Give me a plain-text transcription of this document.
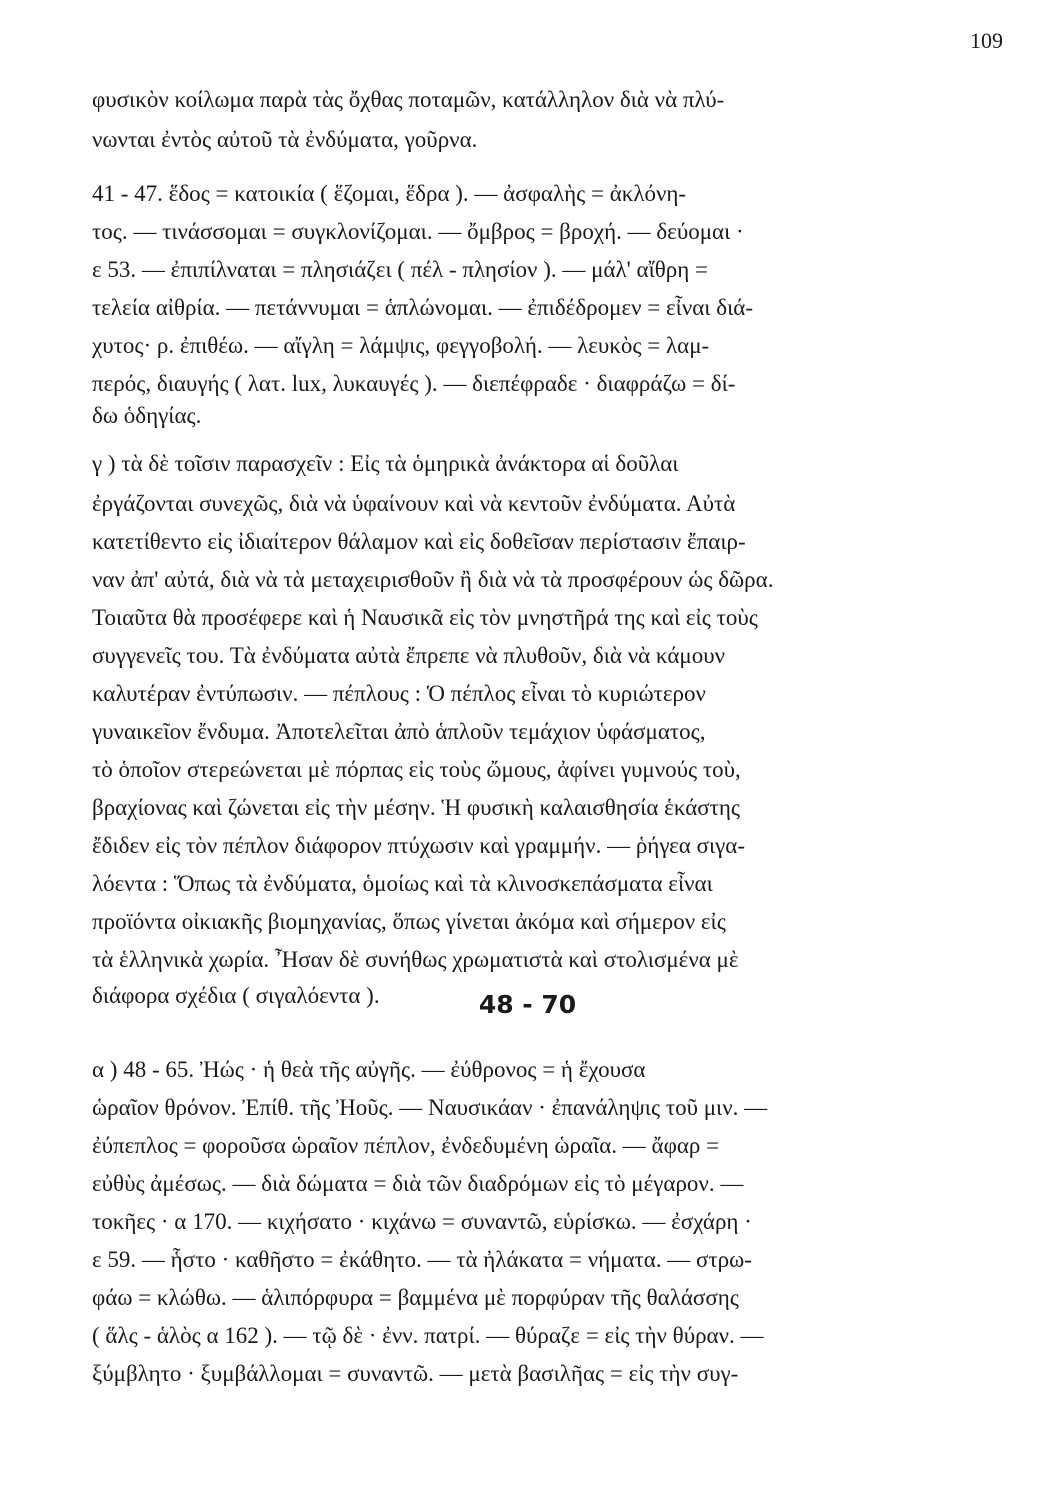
109
φυσικὸν κοίλωμα παρὰ τὰς ὄχθας ποταμῶν, κατάλληλον διὰ νὰ πλύ-
νωνται ἐντὸς αὐτοῦ τὰ ἐνδύματα, γοῦρνα.
41 - 47. ἕδος = κατοικία ( ἕζομαι, ἕδρα ). — ἀσφαλὴς = ἀκλόνη-
τος. — τινάσσομαι = συγκλονίζομαι. — ὄμβρος = βροχή. — δεύομαι ·
ε 53. — ἐπιπίλναται = πλησιάζει ( πέλ - πλησίον ). — μάλ' αἴθρη =
τελεία αἰθρία. — πετάννυμαι = ἁπλώνομαι. — ἐπιδέδρομεν = εἶναι διά-
χυτος· ρ. ἐπιθέω. — αἴγλη = λάμψις, φεγγοβολή. — λευκὸς = λαμ-
περός, διαυγής ( λατ. lux, λυκαυγές ). — διεπέφραδε · διαφράζω = δί-
δω ὁδηγίας.
γ ) τὰ δὲ τοῖσιν παρασχεῖν : Εἰς τὰ ὁμηρικὰ ἀνάκτορα αἱ δοῦλαι
ἐργάζονται συνεχῶς, διὰ νὰ ὑφαίνουν καὶ νὰ κεντοῦν ἐνδύματα. Αὐτὰ
κατετίθεντο εἰς ἰδιαίτερον θάλαμον καὶ εἰς δοθεῖσαν περίστασιν ἔπαιρ-
ναν ἀπ' αὐτά, διὰ νὰ τὰ μεταχειρισθοῦν ἢ διὰ νὰ τὰ προσφέρουν ὡς δῶρα.
Τοιαῦτα θὰ προσέφερε καὶ ἡ Ναυσικᾶ εἰς τὸν μνηστῆρά της καὶ εἰς τοὺς
συγγενεῖς του. Τὰ ἐνδύματα αὐτὰ ἔπρεπε νὰ πλυθοῦν, διὰ νὰ κάμουν
καλυτέραν ἐντύπωσιν. — πέπλους : Ὁ πέπλος εἶναι τὸ κυριώτερον
γυναικεῖον ἔνδυμα. Ἀποτελεῖται ἀπὸ ἁπλοῦν τεμάχιον ὑφάσματος,
τὸ ὁποῖον στερεώνεται μὲ πόρπας εἰς τοὺς ὤμους, ἀφίνει γυμνούς τοὺ,
βραχίονας καὶ ζώνεται εἰς τὴν μέσην. Ἡ φυσικὴ καλαισθησία ἑκάστης
ἔδιδεν εἰς τὸν πέπλον διάφορον πτύχωσιν καὶ γραμμήν. — ῥήγεα σιγα-
λόεντα : Ὅπως τὰ ἐνδύματα, ὁμοίως καὶ τὰ κλινοσκεπάσματα εἶναι
προϊόντα οἰκιακῆς βιομηχανίας, ὅπως γίνεται ἀκόμα καὶ σήμερον εἰς
τὰ ἑλληνικὰ χωρία. Ἦσαν δὲ συνήθως χρωματιστὰ καὶ στολισμένα μὲ
διάφορα σχέδια ( σιγαλόεντα ).	48 - 70
α ) 48 - 65. Ἠώς · ἡ θεὰ τῆς αὐγῆς. — ἐύθρονος = ἡ ἔχουσα
ὡραῖον θρόνον. Ἐπίθ. τῆς Ἠοῦς. — Ναυσικάαν · ἐπανάληψις τοῦ μιν. —
ἐύπεπλος = φοροῦσα ὡραῖον πέπλον, ἐνδεδυμένη ὡραῖα. — ἄφαρ =
εὐθὺς ἀμέσως. — διὰ δώματα = διὰ τῶν διαδρόμων εἰς τὸ μέγαρον. —
τοκῆες · α 170. — κιχήσατο · κιχάνω = συναντῶ, εὑρίσκω. — ἐσχάρη ·
ε 59. — ἧστο · καθῆστο = ἐκάθητο. — τὰ ἠλάκατα = νήματα. — στρω-
φάω = κλώθω. — ἁλιπόρφυρα = βαμμένα μὲ πορφύραν τῆς θαλάσσης
( ἅλς - ἁλὸς α 162 ). — τῷ δὲ · ἐνν. πατρί. — θύραζε = εἰς τὴν θύραν. —
ξύμβλητο · ξυμβάλλομαι = συναντῶ. — μετὰ βασιλῆας = εἰς τὴν συγ-
